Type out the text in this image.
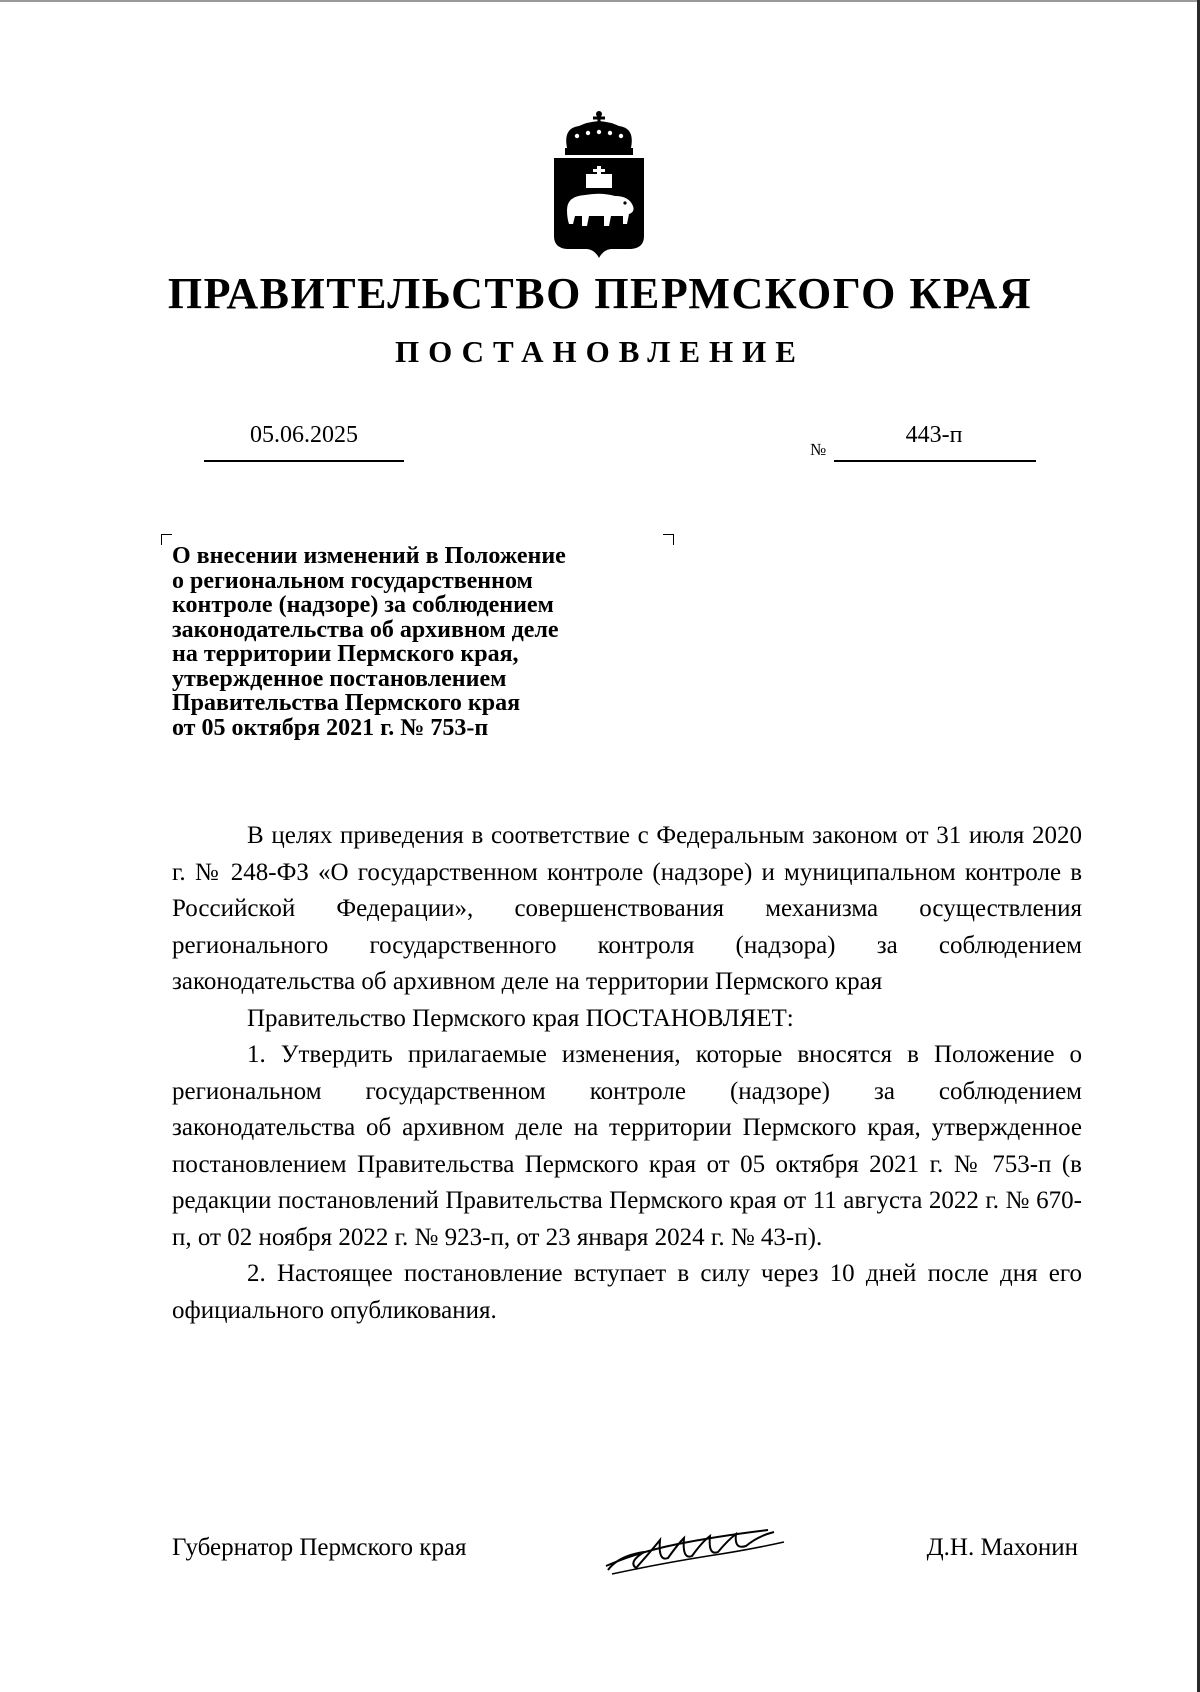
ПРАВИТЕЛЬСТВО ПЕРМСКОГО КРАЯ
ПОСТАНОВЛЕНИЕ
05.06.2025
№
443-п
О внесении изменений в Положение
о региональном государственном
контроле (надзоре) за соблюдением
законодательства об архивном деле
на территории Пермского края,
утвержденное постановлением
Правительства Пермского края
от 05 октября 2021 г. № 753-п

В целях приведения в соответствие с Федеральным законом от 31 июля 2020 г. № 248-ФЗ «О государственном контроле (надзоре) и муниципальном контроле в Российской Федерации», совершенствования механизма осуществления регионального государственного контроля (надзора) за соблюдением законодательства об архивном деле на территории Пермского края

Правительство Пермского края ПОСТАНОВЛЯЕТ:

1. Утвердить прилагаемые изменения, которые вносятся в Положение о региональном государственном контроле (надзоре) за соблюдением законодательства об архивном деле на территории Пермского края, утвержденное постановлением Правительства Пермского края от 05 октября 2021 г. № 753-п (в редакции постановлений Правительства Пермского края от 11 августа 2022 г. № 670-п, от 02 ноября 2022 г. № 923-п, от 23 января 2024 г. № 43-п).

2. Настоящее постановление вступает в силу через 10 дней после дня его официального опубликования.

Губернатор Пермского края	Д.Н. Махонин
